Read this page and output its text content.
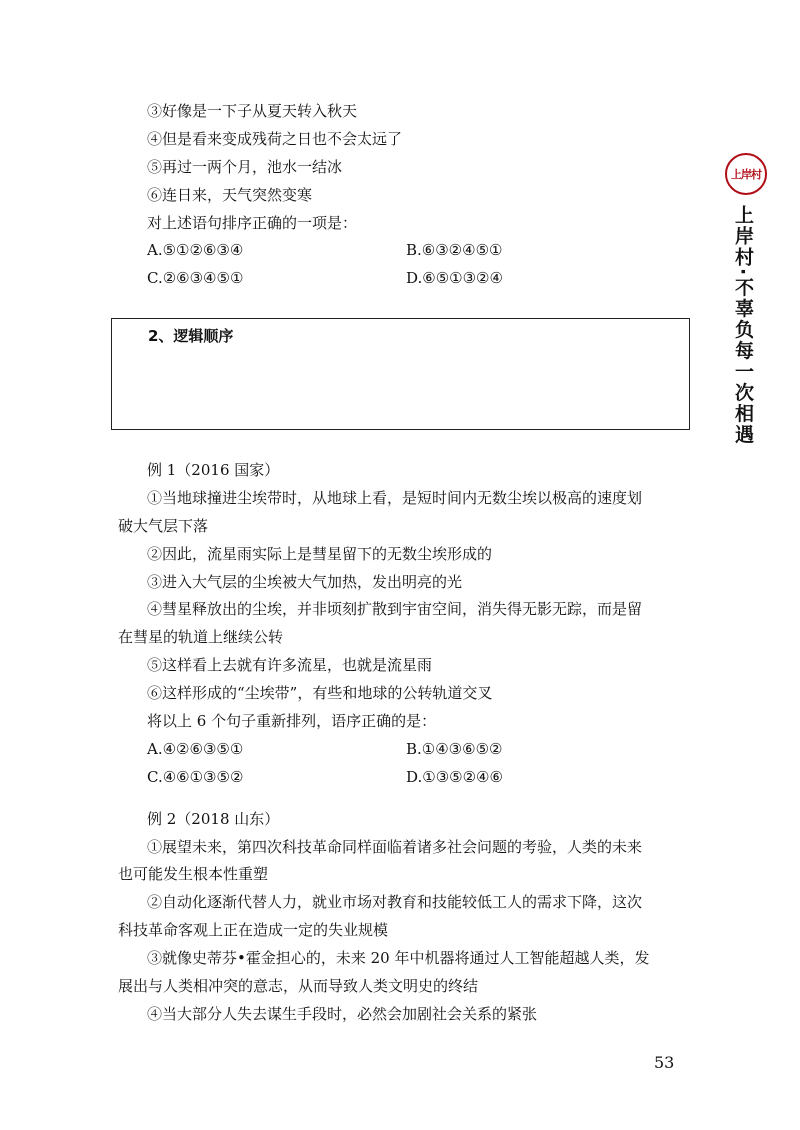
③好像是一下子从夏天转入秋天
④但是看来变成残荷之日也不会太远了
⑤再过一两个月，池水一结冰
⑥连日来，天气突然变寒
对上述语句排序正确的一项是：
A.⑤①②⑥③④	B.⑥③②④⑤①
C.②⑥③④⑤①	D.⑥⑤①③②④
2、逻辑顺序
例 1（2016 国家）
①当地球撞进尘埃带时，从地球上看，是短时间内无数尘埃以极高的速度划
破大气层下落
②因此，流星雨实际上是彗星留下的无数尘埃形成的
③进入大气层的尘埃被大气加热，发出明亮的光
④彗星释放出的尘埃，并非顷刻扩散到宇宙空间，消失得无影无踪，而是留
在彗星的轨道上继续公转
⑤这样看上去就有许多流星，也就是流星雨
⑥这样形成的“尘埃带”，有些和地球的公转轨道交叉
将以上 6 个句子重新排列，语序正确的是：
A.④②⑥③⑤①	B.①④③⑥⑤②
C.④⑥①③⑤②	D.①③⑤②④⑥
例 2（2018 山东）
①展望未来，第四次科技革命同样面临着诸多社会问题的考验，人类的未来
也可能发生根本性重塑
②自动化逐渐代替人力，就业市场对教育和技能较低工人的需求下降，这次
科技革命客观上正在造成一定的失业规模
③就像史蒂芬•霍金担心的，未来 20 年中机器将通过人工智能超越人类，发
展出与人类相冲突的意志，从而导致人类文明史的终结
④当大部分人失去谋生手段时，必然会加剧社会关系的紧张
上岸村
上岸村·不辜负每一次相遇
53
